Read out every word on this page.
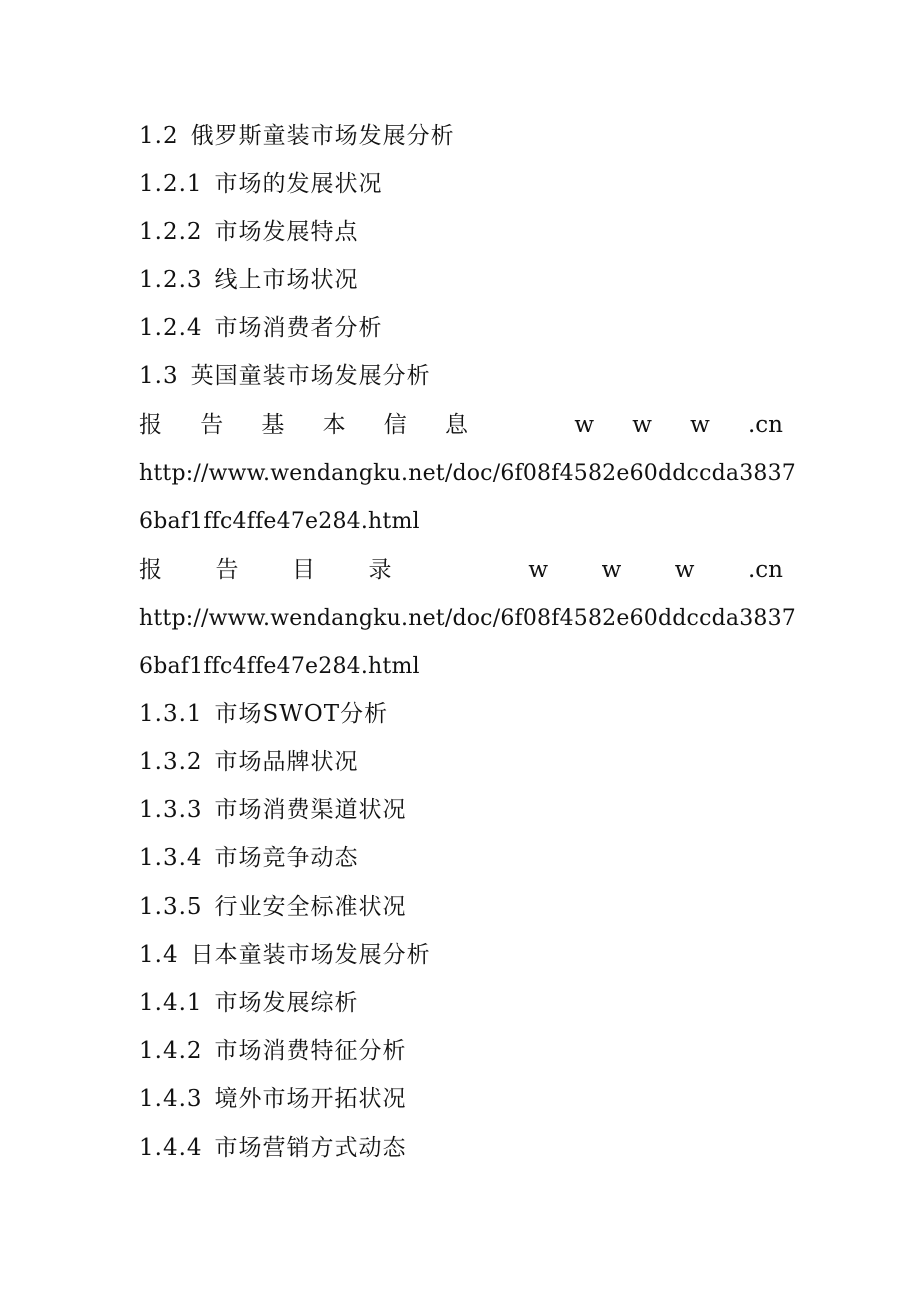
1.2 俄罗斯童装市场发展分析
1.2.1 市场的发展状况
1.2.2 市场发展特点
1.2.3 线上市场状况
1.2.4 市场消费者分析
1.3 英国童装市场发展分析
报 告 基 本 信 息	w w w .cn
http://www.wendangku.net/doc/6f08f4582e60ddccda3837
6baf1ffc4ffe47e284.html
报 告 目 录	w w w .cn
http://www.wendangku.net/doc/6f08f4582e60ddccda3837
6baf1ffc4ffe47e284.html
1.3.1 市场SWOT分析
1.3.2 市场品牌状况
1.3.3 市场消费渠道状况
1.3.4 市场竞争动态
1.3.5 行业安全标准状况
1.4 日本童装市场发展分析
1.4.1 市场发展综析
1.4.2 市场消费特征分析
1.4.3 境外市场开拓状况
1.4.4 市场营销方式动态
